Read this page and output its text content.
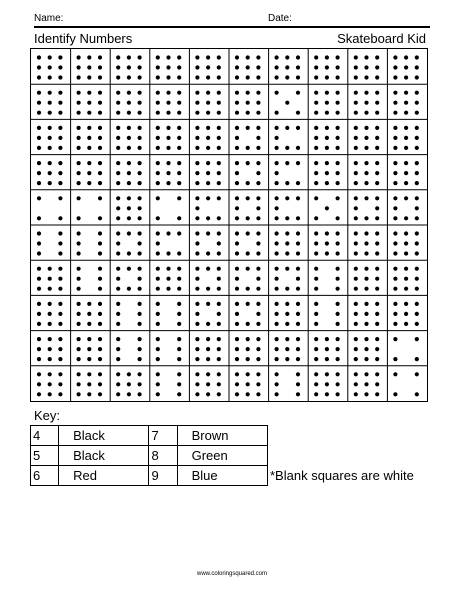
Name:	Date:
Identify Numbers	Skateboard Kid
Key:
4	Black	7	Brown
5	Black	8	Green
6	Red	9	Blue	*Blank squares are white
www.coloringsquared.com
